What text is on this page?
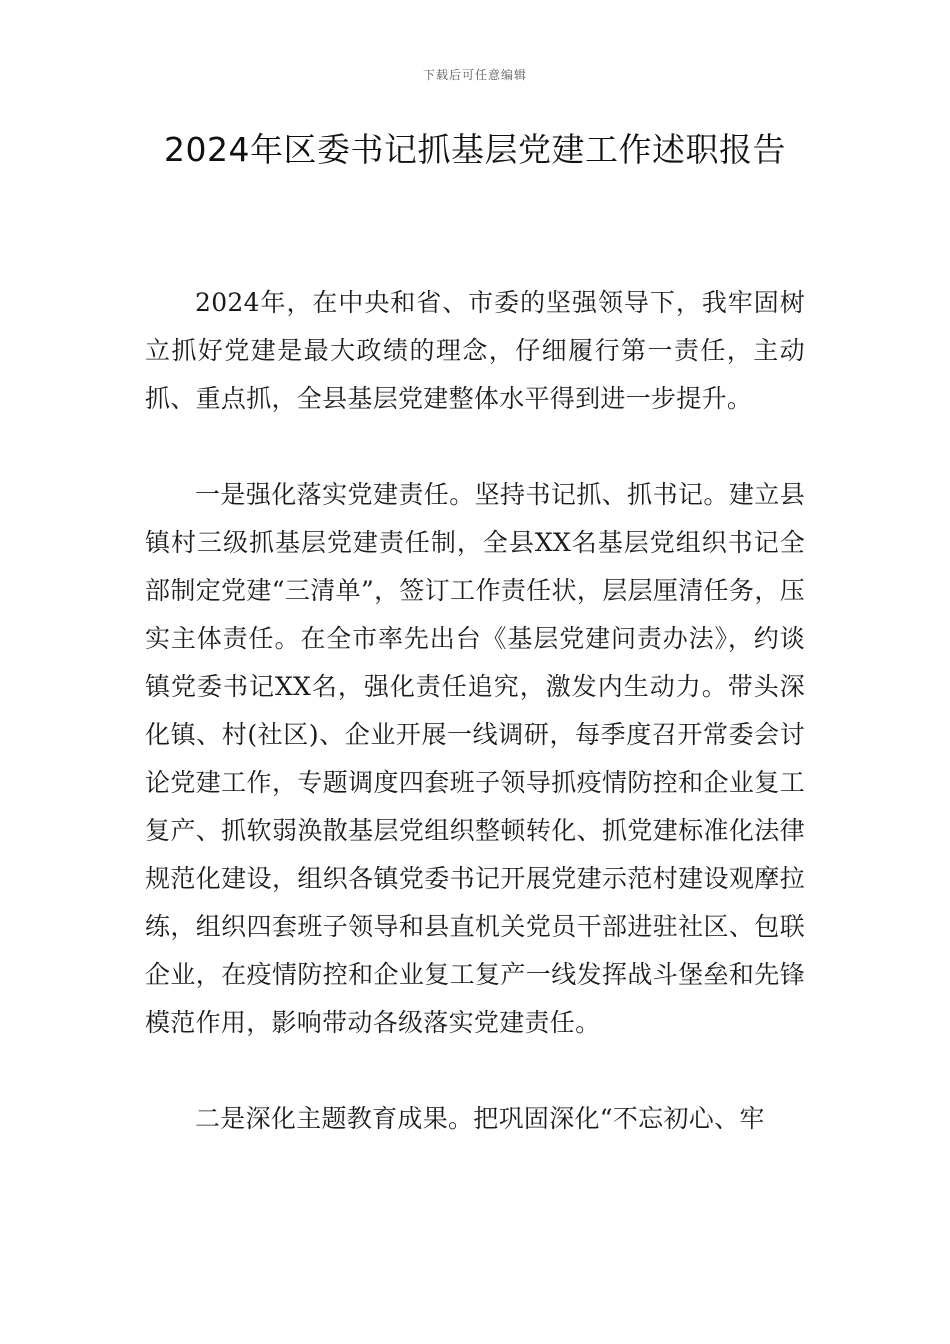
下载后可任意编辑
2024年区委书记抓基层党建工作述职报告

2024年，在中央和省、市委的坚强领导下，我牢固树立抓好党建是最大政绩的理念，仔细履行第一责任，主动抓、重点抓，全县基层党建整体水平得到进一步提升。

一是强化落实党建责任。坚持书记抓、抓书记。建立县镇村三级抓基层党建责任制，全县XX名基层党组织书记全部制定党建“三清单”，签订工作责任状，层层厘清任务，压实主体责任。在全市率先出台《基层党建问责办法》，约谈镇党委书记XX名，强化责任追究，激发内生动力。带头深化镇、村(社区)、企业开展一线调研，每季度召开常委会讨论党建工作，专题调度四套班子领导抓疫情防控和企业复工复产、抓软弱涣散基层党组织整顿转化、抓党建标准化法律规范化建设，组织各镇党委书记开展党建示范村建设观摩拉练，组织四套班子领导和县直机关党员干部进驻社区、包联企业，在疫情防控和企业复工复产一线发挥战斗堡垒和先锋模范作用，影响带动各级落实党建责任。

二是深化主题教育成果。把巩固深化“不忘初心、牢
